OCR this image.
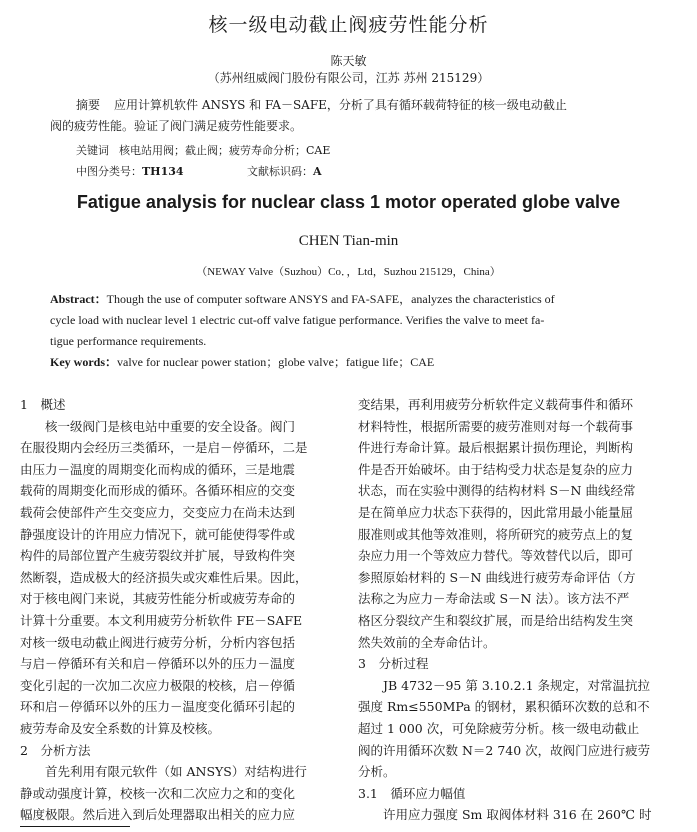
核一级电动截止阀疲劳性能分析
陈天敏
（苏州纽威阀门股份有限公司，江苏 苏州 215129）
摘要 应用计算机软件 ANSYS 和 FA－SAFE，分析了具有循环载荷特征的核一级电动截止
阀的疲劳性能。验证了阀门满足疲劳性能要求。
关键词 核电站用阀；截止阀；疲劳寿命分析；CAE
中图分类号：TH134	文献标识码：A
Fatigue analysis for nuclear class 1 motor operated globe valve
CHEN Tian-min
（NEWAY Valve（Suzhou）Co．，Ltd，Suzhou 215129，China）
Abstract：Though the use of computer software ANSYS and FA-SAFE，analyzes the characteristics of
cycle load with nuclear level 1 electric cut-off valve fatigue performance. Verifies the valve to meet fa-
tigue performance requirements.
Key words：valve for nuclear power station；globe valve；fatigue life；CAE
1　概述
　　核一级阀门是核电站中重要的安全设备。阀门
在服役期内会经历三类循环，一是启－停循环，二是
由压力－温度的周期变化而构成的循环，三是地震
载荷的周期变化而形成的循环。各循环相应的交变
载荷会使部件产生交变应力，交变应力在尚未达到
静强度设计的许用应力情况下，就可能使得零件或
构件的局部位置产生疲劳裂纹并扩展，导致构件突
然断裂，造成极大的经济损失或灾难性后果。因此，
对于核电阀门来说，其疲劳性能分析或疲劳寿命的
计算十分重要。本文利用疲劳分析软件 FE－SAFE
对核一级电动截止阀进行疲劳分析，分析内容包括
与启－停循环有关和启－停循环以外的压力－温度
变化引起的一次加二次应力极限的校核，启－停循
环和启－停循环以外的压力－温度变化循环引起的
疲劳寿命及安全系数的计算及校核。
2　分析方法
　　首先利用有限元软件（如 ANSYS）对结构进行
静或动强度计算，校核一次和二次应力之和的变化
幅度极限。然后进入到后处理器取出相关的应力应
变结果，再利用疲劳分析软件定义载荷事件和循环
材料特性，根据所需要的疲劳准则对每一个载荷事
件进行寿命计算。最后根据累计损伤理论，判断构
件是否开始破坏。由于结构受力状态是复杂的应力
状态，而在实验中测得的结构材料 S－N 曲线经常
是在简单应力状态下获得的，因此常用最小能量屈
服准则或其他等效准则，将所研究的疲劳点上的复
杂应力用一个等效应力替代。等效替代以后，即可
参照原始材料的 S－N 曲线进行疲劳寿命评估（方
法称之为应力－寿命法或 S－N 法）。该方法不严
格区分裂纹产生和裂纹扩展，而是给出结构发生突
然失效前的全寿命估计。
3　分析过程
　　JB 4732－95 第 3.10.2.1 条规定，对常温抗拉
强度 Rm≤550MPa 的钢材，累积循环次数的总和不
超过 1 000 次，可免除疲劳分析。核一级电动截止
阀的许用循环次数 N＝2 740 次，故阀门应进行疲劳
分析。
3.1　循环应力幅值
　　许用应力强度 Sm 取阀体材料 316 在 260℃ 时
